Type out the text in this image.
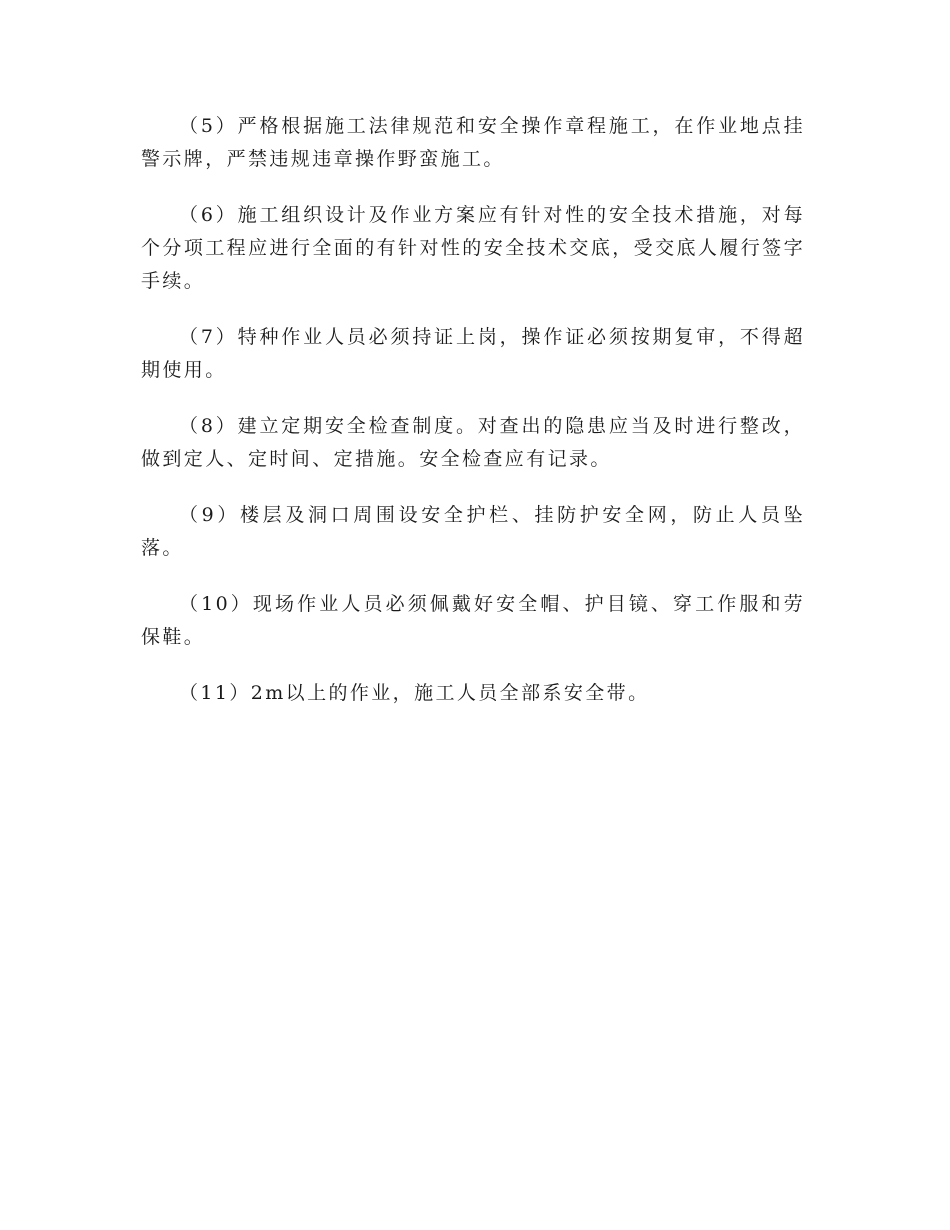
（5）严格根据施工法律规范和安全操作章程施工，在作业地点挂警示牌，严禁违规违章操作野蛮施工。

（6）施工组织设计及作业方案应有针对性的安全技术措施，对每个分项工程应进行全面的有针对性的安全技术交底，受交底人履行签字手续。

（7）特种作业人员必须持证上岗，操作证必须按期复审，不得超期使用。

（8）建立定期安全检查制度。对查出的隐患应当及时进行整改，做到定人、定时间、定措施。安全检查应有记录。

（9）楼层及洞口周围设安全护栏、挂防护安全网，防止人员坠落。

（10）现场作业人员必须佩戴好安全帽、护目镜、穿工作服和劳保鞋。

（11）2m以上的作业，施工人员全部系安全带。
